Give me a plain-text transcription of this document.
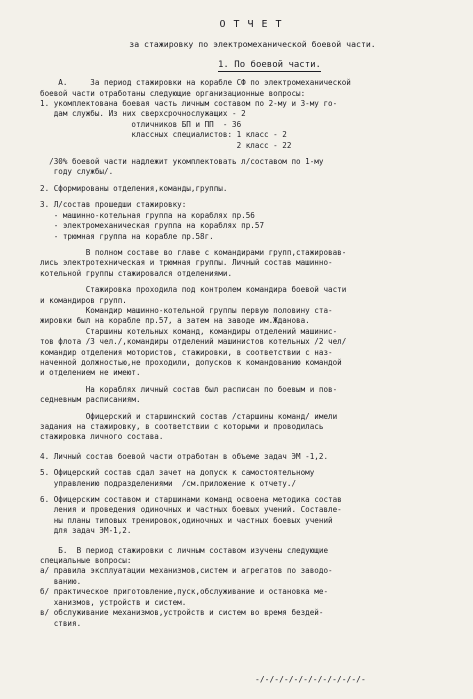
ОТЧЕТ
за стажировку по электромеханической боевой части.
1. По боевой части.
А.     За период стажировки на корабле СФ по электромеханической
боевой части отработаны следующие организационные вопросы:
1. укомплектована боевая часть личным составом по 2-му и 3-му го-
дам службы. Из них сверхсрочнослужащих - 2
отличников БП и ПП  - 36
классных специалистов: 1 класс - 2
2 класс - 22
/30% боевой части надлежит укомплектовать л/составом по 1-му
году службы/.
2. Сформированы отделения,команды,группы.
3. Л/состав прошедши стажировку:
- машинно-котельная группа на кораблях пр.56
- электромеханическая группа на кораблях пр.57
- трюмная группа на корабле пр.58г.
В полном составе во главе с командирами групп,стажировав-
лись электротехническая и трюмная группы. Личный состав машинно-
котельной группы стажировался отделениями.
Стажировка проходила под контролем командира боевой части
и командиров групп.
Командир машинно-котельной группы первую половину ста-
жировки был на корабле пр.57, а затем на заводе им.Жданова.
Старшины котельных команд, командиры отделений машинис-
тов флота /3 чел./,командиры отделений машинистов котельных /2 чел/
командир отделения мотористов, стажировки, в соответствии с наз-
наченной должностью,не проходили, допусков к командованию командой
и отделением не имеют.
На кораблях личный состав был расписан по боевым и пов-
седневным расписаниям.
Офицерский и старшинский состав /старшины команд/ имели
задания на стажировку, в соответствии с которыми и проводилась
стажировка личного состава.
4. Личный состав боевой части отработан в объеме задач ЭМ -1,2.
5. Офицерский состав сдал зачет на допуск к самостоятельному
управлению подразделениями  /см.приложение к отчету./
6. Офицерским составом и старшинами команд освоена методика состав
ления и проведения одиночных и частных боевых учений. Составле-
ны планы типовых тренировок,одиночных и частных боевых учений
для задач ЭМ-1,2.
Б.  В период стажировки с личным составом изучены следующие
специальные вопросы:
а/ правила эксплуатации механизмов,систем и агрегатов по заводо-
ванию.
б/ практическое приготовление,пуск,обслуживание и остановка ме-
ханизмов, устройств и систем.
в/ обслуживание механизмов,устройств и систем во время бездей-
ствия.
-/-/-/-/-/-/-/-/-/-/-/-
